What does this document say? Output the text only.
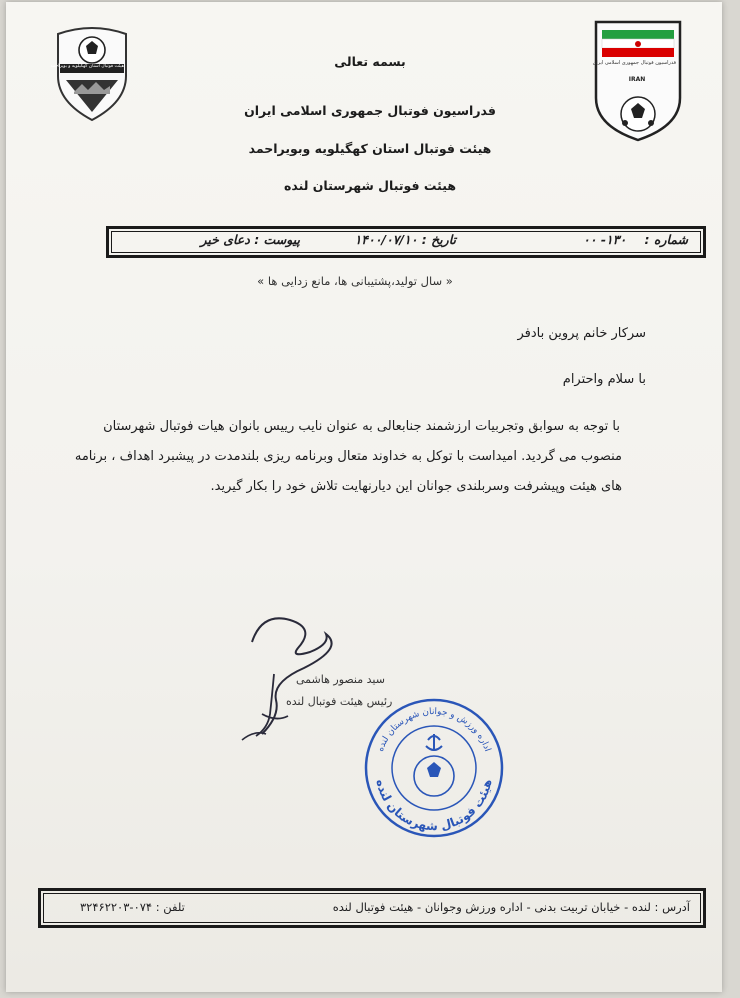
هیئت فوتبال استان کهگیلویه و بویراحمد
فدراسیون فوتبال جمهوری اسلامی ایران
IRAN
بسمه تعالی
فدراسیون فوتبال جمهوری اسلامی ایران
هیئت فوتبال استان کهگیلویه وبویراحمد
هیئت فوتبال شهرستان لنده
شماره : ۱۳۰- ۰۰
تاریخ : ۱۴۰۰/۰۷/۱۰
پیوست : دعای خیر
« سال تولید،پشتیبانی ها، مانع زدایی ها »
سرکار خانم پروین بادفر
با سلام واحترام
با توجه به سوابق وتجربیات ارزشمند جنابعالی به عنوان نایب رییس بانوان هیات فوتبال شهرستان
منصوب می گردید. امیداست با توکل به خداوند متعال وبرنامه ریزی بلندمدت در پیشبرد اهداف ، برنامه
های هیئت وپیشرفت وسربلندی جوانان این دیارنهایت تلاش خود را بکار گیرید.
سید منصور هاشمی
رئیس هیئت فوتبال لنده
اداره ورزش و جوانان شهرستان لنده
هیئت فوتبال شهرستان لنده
آدرس : لنده - خیابان تربیت بدنی - اداره ورزش وجوانان - هیئت فوتبال لنده
تلفن : ۰۷۴-۳۲۴۶۲۲۰۳
